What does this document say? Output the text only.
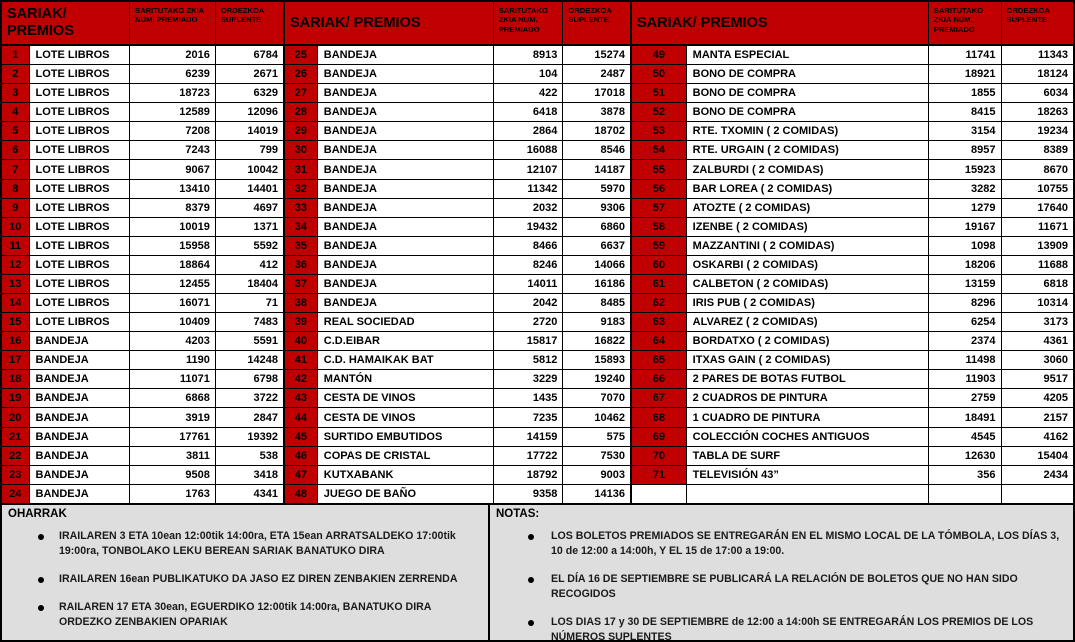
SARIAK/ PREMIOS
SARITUTAKO ZKIA NUM. PREMIADO
ORDEZKOA SUPLENTE
1	LOTE LIBROS	2016	6784
2	LOTE LIBROS	6239	2671
3	LOTE LIBROS	18723	6329
4	LOTE LIBROS	12589	12096
5	LOTE LIBROS	7208	14019
6	LOTE LIBROS	7243	799
7	LOTE LIBROS	9067	10042
8	LOTE LIBROS	13410	14401
9	LOTE LIBROS	8379	4697
10	LOTE LIBROS	10019	1371
11	LOTE LIBROS	15958	5592
12	LOTE LIBROS	18864	412
13	LOTE LIBROS	12455	18404
14	LOTE LIBROS	16071	71
15	LOTE LIBROS	10409	7483
16	BANDEJA	4203	5591
17	BANDEJA	1190	14248
18	BANDEJA	11071	6798
19	BANDEJA	6868	3722
20	BANDEJA	3919	2847
21	BANDEJA	17761	19392
22	BANDEJA	3811	538
23	BANDEJA	9508	3418
24	BANDEJA	1763	4341
SARIAK/ PREMIOS
SARITUTAKO ZKIA NUM. PREMIADO
ORDEZKOA SUPLENTE
25	BANDEJA	8913	15274
26	BANDEJA	104	2487
27	BANDEJA	422	17018
28	BANDEJA	6418	3878
29	BANDEJA	2864	18702
30	BANDEJA	16088	8546
31	BANDEJA	12107	14187
32	BANDEJA	11342	5970
33	BANDEJA	2032	9306
34	BANDEJA	19432	6860
35	BANDEJA	8466	6637
36	BANDEJA	8246	14066
37	BANDEJA	14011	16186
38	BANDEJA	2042	8485
39	REAL SOCIEDAD	2720	9183
40	C.D.EIBAR	15817	16822
41	C.D. HAMAIKAK BAT	5812	15893
42	MANTÓN	3229	19240
43	CESTA DE VINOS	1435	7070
44	CESTA DE VINOS	7235	10462
45	SURTIDO EMBUTIDOS	14159	575
46	COPAS DE CRISTAL	17722	7530
47	KUTXABANK	18792	9003
48	JUEGO DE BAÑO	9358	14136
SARIAK/ PREMIOS
SARITUTAKO ZKIA NUM. PREMIADO
ORDEZKOA SUPLENTE
49	MANTA ESPECIAL	11741	11343
50	BONO DE COMPRA	18921	18124
51	BONO DE COMPRA	1855	6034
52	BONO DE COMPRA	8415	18263
53	RTE. TXOMIN ( 2 COMIDAS)	3154	19234
54	RTE. URGAIN ( 2 COMIDAS)	8957	8389
55	ZALBURDI ( 2 COMIDAS)	15923	8670
56	BAR LOREA ( 2 COMIDAS)	3282	10755
57	ATOZTE ( 2 COMIDAS)	1279	17640
58	IZENBE ( 2 COMIDAS)	19167	11671
59	MAZZANTINI ( 2 COMIDAS)	1098	13909
60	OSKARBI ( 2 COMIDAS)	18206	11688
61	CALBETON ( 2 COMIDAS)	13159	6818
62	IRIS PUB ( 2 COMIDAS)	8296	10314
63	ALVAREZ ( 2 COMIDAS)	6254	3173
64	BORDATXO ( 2 COMIDAS)	2374	4361
65	ITXAS GAIN ( 2 COMIDAS)	11498	3060
66	2 PARES DE BOTAS FUTBOL	11903	9517
67	2 CUADROS DE PINTURA	2759	4205
68	1 CUADRO DE PINTURA	18491	2157
69	COLECCIÓN COCHES ANTIGUOS	4545	4162
70	TABLA DE SURF	12630	15404
71	TELEVISIÓN 43”	356	2434
OHARRAK
IRAILAREN 3 ETA 10ean 12:00tik 14:00ra, ETA 15ean ARRATSALDEKO 17:00tik 19:00ra, TONBOLAKO LEKU BEREAN SARIAK BANATUKO DIRA
IRAILAREN 16ean PUBLIKATUKO DA JASO EZ DIREN ZENBAKIEN ZERRENDA
RAILAREN 17 ETA 30ean, EGUERDIKO 12:00tik 14:00ra, BANATUKO DIRA ORDEZKO ZENBAKIEN OPARIAK
NOTAS:
LOS BOLETOS PREMIADOS SE ENTREGARÁN EN EL MISMO LOCAL DE LA TÓMBOLA, LOS DÍAS 3, 10 de 12:00 a 14:00h, Y EL 15 de 17:00 a 19:00.
EL DÍA 16 DE SEPTIEMBRE SE PUBLICARÁ LA RELACIÓN DE BOLETOS QUE NO HAN SIDO RECOGIDOS
LOS DIAS 17 y 30 DE SEPTIEMBRE de 12:00 a 14:00h SE ENTREGARÁN LOS PREMIOS DE LOS NÚMEROS SUPLENTES
